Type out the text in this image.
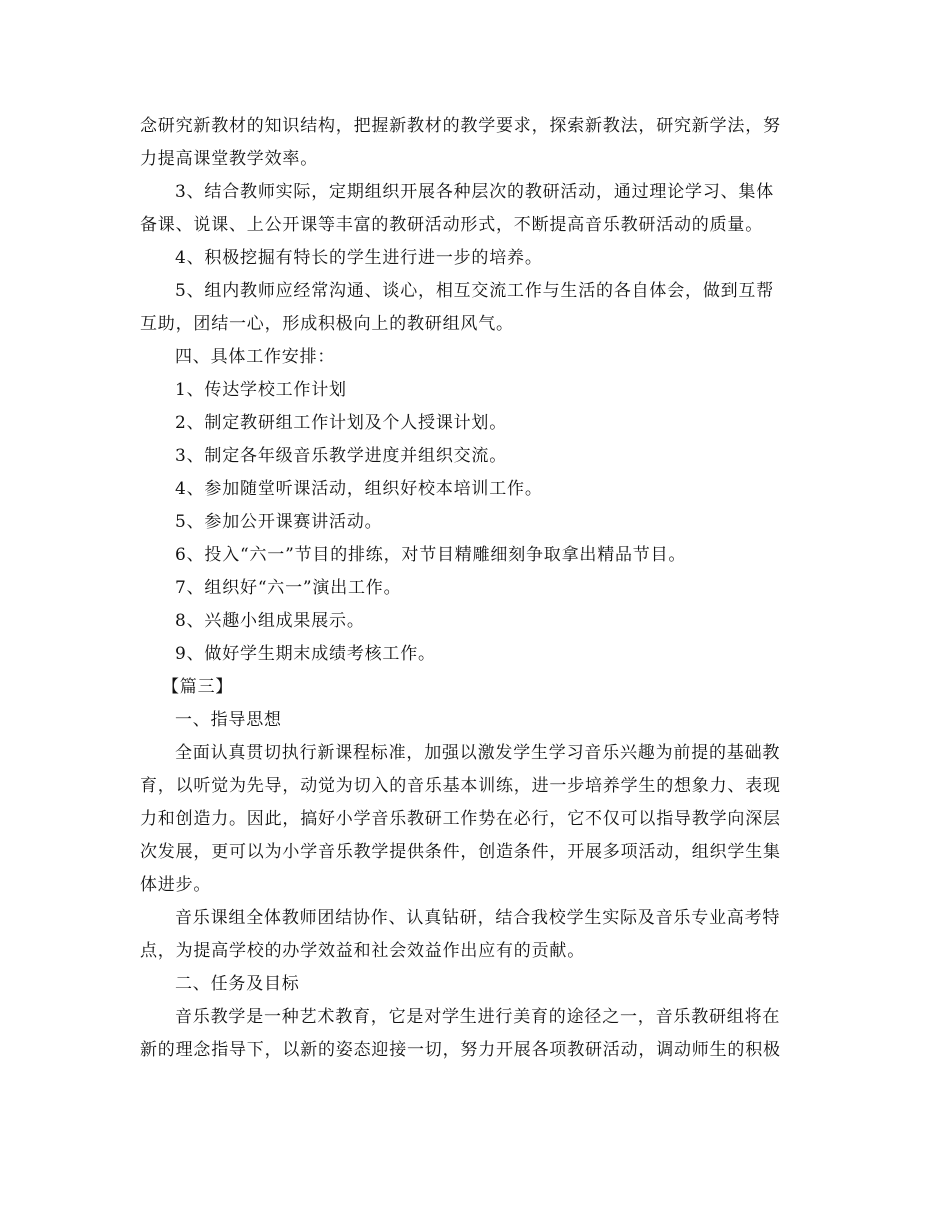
念研究新教材的知识结构，把握新教材的教学要求，探索新教法，研究新学法，努
力提高课堂教学效率。
3、结合教师实际，定期组织开展各种层次的教研活动，通过理论学习、集体
备课、说课、上公开课等丰富的教研活动形式，不断提高音乐教研活动的质量。
4、积极挖掘有特长的学生进行进一步的培养。
5、组内教师应经常沟通、谈心，相互交流工作与生活的各自体会，做到互帮
互助，团结一心，形成积极向上的教研组风气。
四、具体工作安排：
1、传达学校工作计划
2、制定教研组工作计划及个人授课计划。
3、制定各年级音乐教学进度并组织交流。
4、参加随堂听课活动，组织好校本培训工作。
5、参加公开课赛讲活动。
6、投入“六一”节目的排练，对节目精雕细刻争取拿出精品节目。
7、组织好“六一”演出工作。
8、兴趣小组成果展示。
9、做好学生期末成绩考核工作。
【篇三】
一、指导思想
全面认真贯切执行新课程标准，加强以激发学生学习音乐兴趣为前提的基础教
育，以听觉为先导，动觉为切入的音乐基本训练，进一步培养学生的想象力、表现
力和创造力。因此，搞好小学音乐教研工作势在必行，它不仅可以指导教学向深层
次发展，更可以为小学音乐教学提供条件，创造条件，开展多项活动，组织学生集
体进步。
音乐课组全体教师团结协作、认真钻研，结合我校学生实际及音乐专业高考特
点，为提高学校的办学效益和社会效益作出应有的贡献。
二、任务及目标
音乐教学是一种艺术教育，它是对学生进行美育的途径之一，音乐教研组将在
新的理念指导下，以新的姿态迎接一切，努力开展各项教研活动，调动师生的积极
